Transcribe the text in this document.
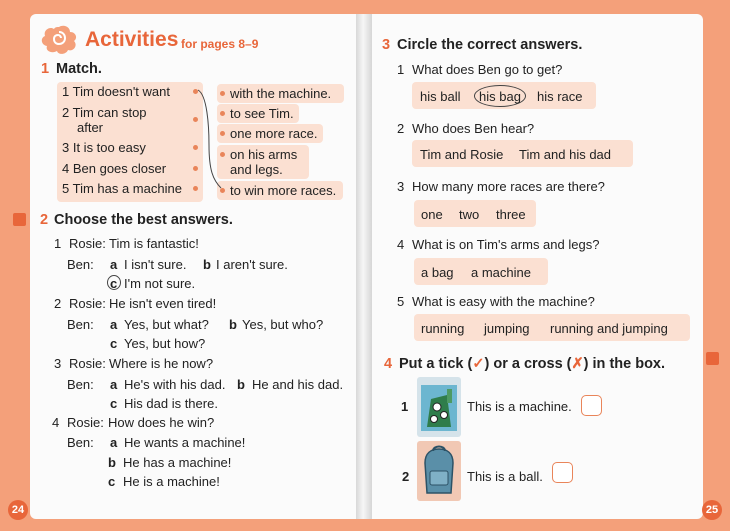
Activities for pages 8–9
1 Match.
1 Tim doesn't want
2 Tim can stop
after
3 It is too easy
4 Ben goes closer
5 Tim has a machine
with the machine.
to see Tim.
one more race.
on his arms
and legs.
to win more races.
2 Choose the best answers.
1 Rosie: Tim is fantastic!
Ben: a I isn't sure. b I aren't sure.
c I'm not sure.
2 Rosie: He isn't even tired!
Ben: a Yes, but what? b Yes, but who?
c Yes, but how?
3 Rosie: Where is he now?
Ben: a He's with his dad. b He and his dad.
c His dad is there.
4 Rosie: How does he win?
Ben: a He wants a machine!
b He has a machine!
c He is a machine!
24
3 Circle the correct answers.
1 What does Ben go to get?
his ball his bag his race
2 Who does Ben hear?
Tim and Rosie Tim and his dad
3 How many more races are there?
one two three
4 What is on Tim's arms and legs?
a bag a machine
5 What is easy with the machine?
running jumping running and jumping
4 Put a tick (✓) or a cross (✗) in the box.
1	This is a machine.
2	This is a ball.
25
